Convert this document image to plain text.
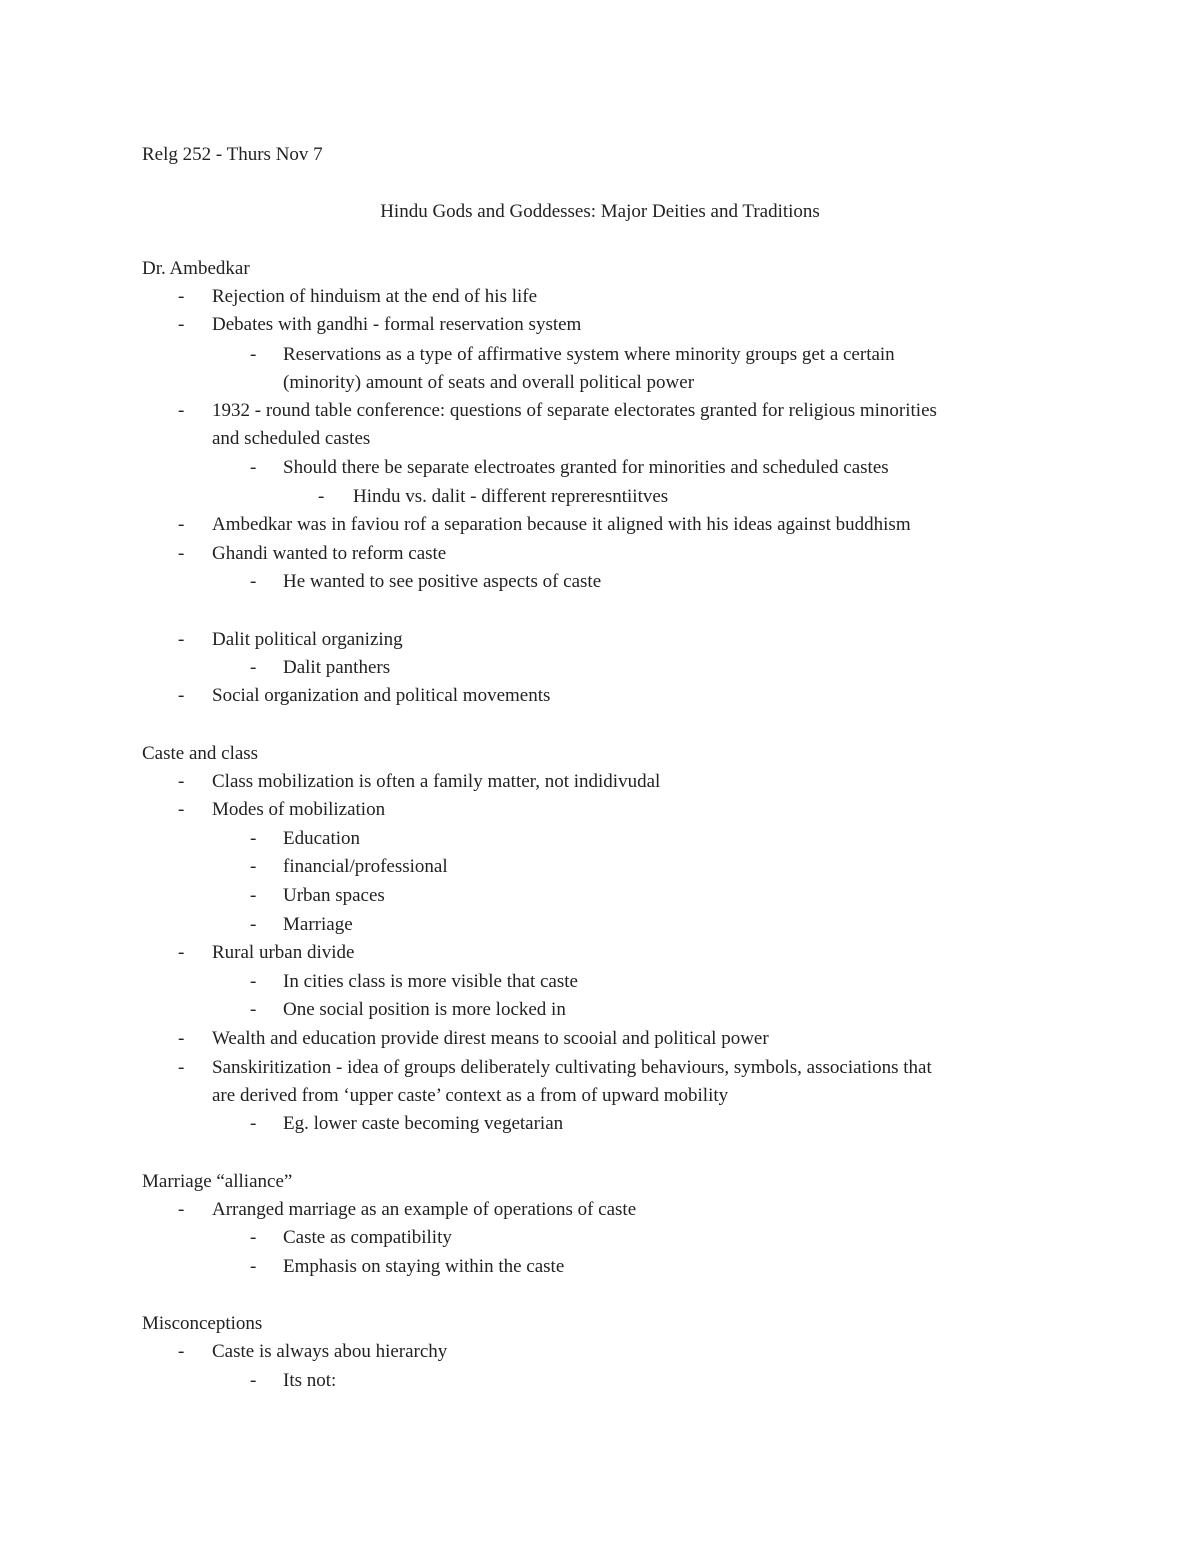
Relg 252 - Thurs Nov 7
Hindu Gods and Goddesses: Major Deities and Traditions
Dr. Ambedkar
- Rejection of hinduism at the end of his life
- Debates with gandhi - formal reservation system
- Reservations as a type of affirmative system where minority groups get a certain
(minority) amount of seats and overall political power
- 1932 - round table conference: questions of separate electorates granted for religious minorities
and scheduled castes
- Should there be separate electroates granted for minorities and scheduled castes
- Hindu vs. dalit - different repreresntiitves
- Ambedkar was in faviou rof a separation because it aligned with his ideas against buddhism
- Ghandi wanted to reform caste
- He wanted to see positive aspects of caste
- Dalit political organizing
- Dalit panthers
- Social organization and political movements
Caste and class
- Class mobilization is often a family matter, not indidivudal
- Modes of mobilization
- Education
- financial/professional
- Urban spaces
- Marriage
- Rural urban divide
- In cities class is more visible that caste
- One social position is more locked in
- Wealth and education provide direst means to scooial and political power
- Sanskiritization - idea of groups deliberately cultivating behaviours, symbols, associations that
are derived from ‘upper caste’ context as a from of upward mobility
- Eg. lower caste becoming vegetarian
Marriage “alliance”
- Arranged marriage as an example of operations of caste
- Caste as compatibility
- Emphasis on staying within the caste
Misconceptions
- Caste is always abou hierarchy
- Its not:
